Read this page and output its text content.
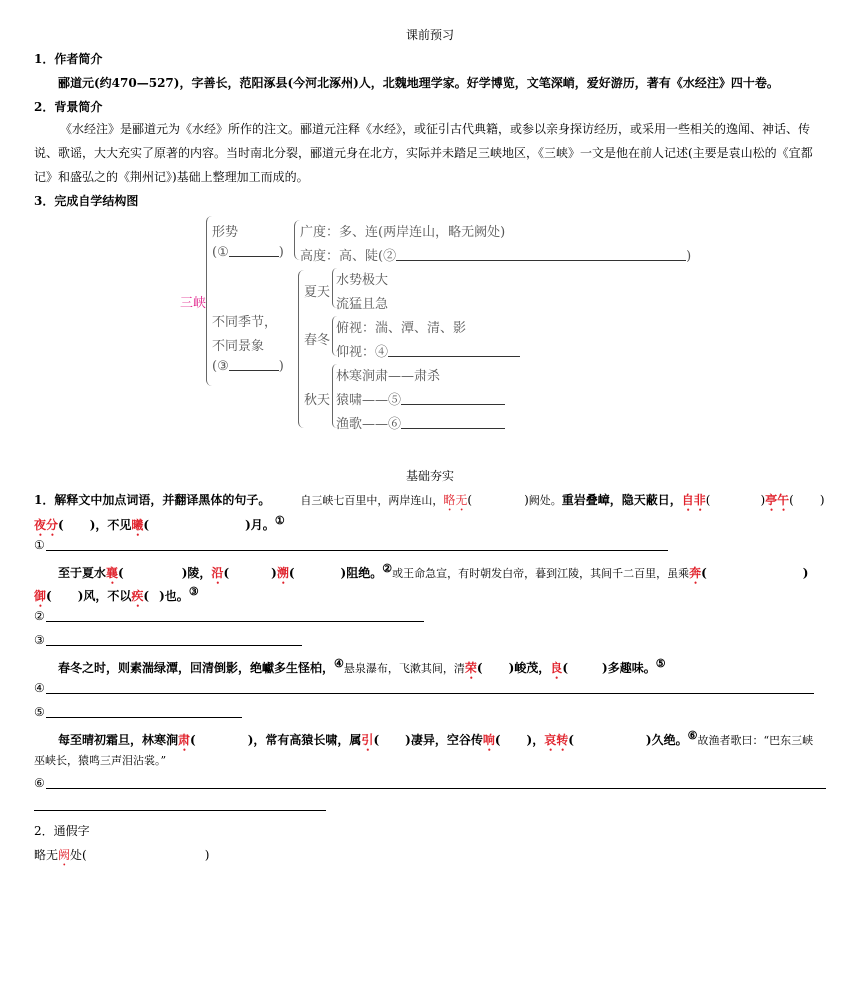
课前预习
1．作者简介
郦道元(约470—527)，字善长，范阳涿县(今河北涿州)人，北魏地理学家。好学博览，文笔深峭，爱好游历，著有《水经注》四十卷。
2．背景简介
《水经注》是郦道元为《水经》所作的注文。郦道元注释《水经》，或征引古代典籍，或参以亲身探访经历，或采用一些相关的逸闻、神话、传说、歌谣，大大充实了原著的内容。当时南北分裂，郦道元身在北方，实际并未踏足三峡地区，《三峡》一文是他在前人记述(主要是袁山松的《宜都记》和盛弘之的《荆州记》)基础上整理加工而成的。
3．完成自学结构图
三峡
形势
(①	)
广度：多、连(两岸连山，略无阙处)
高度：高、陡(②	)
不同季节，
不同景象
(③	)
夏天
水势极大
流猛且急
春冬
俯视：湍、潭、清、影
仰视：④
秋天
林寒涧肃——肃杀
猿啸——⑤
渔歌——⑥
基础夯实
1．解释文中加点词语，并翻译黑体的句子。	自三峡七百里中，两岸连山，略无(	)阙处。重岩叠嶂，隐天蔽日，自非(	)亭午( )
夜分( )，不见曦(	)月。①
①
至于夏水襄(	)陵，沿(	)溯(	)阻绝。②或王命急宣，有时朝发白帝，暮到江陵，其间千二百里，虽乘奔(	)
御( )风，不以疾( )也。③
②
③
春冬之时，则素湍绿潭，回清倒影，绝巘多生怪柏，④悬泉瀑布，飞漱其间，清荣( )峻茂，良(	)多趣味。⑤
④
⑤
每至晴初霜旦，林寒涧肃(	)，常有高猿长啸，属引( )凄异，空谷传响( )，哀转(	)久绝。⑥故渔者歌曰：“巴东三峡
巫峡长，猿鸣三声泪沾裳。”
⑥
2．通假字
略无阙处(	)
